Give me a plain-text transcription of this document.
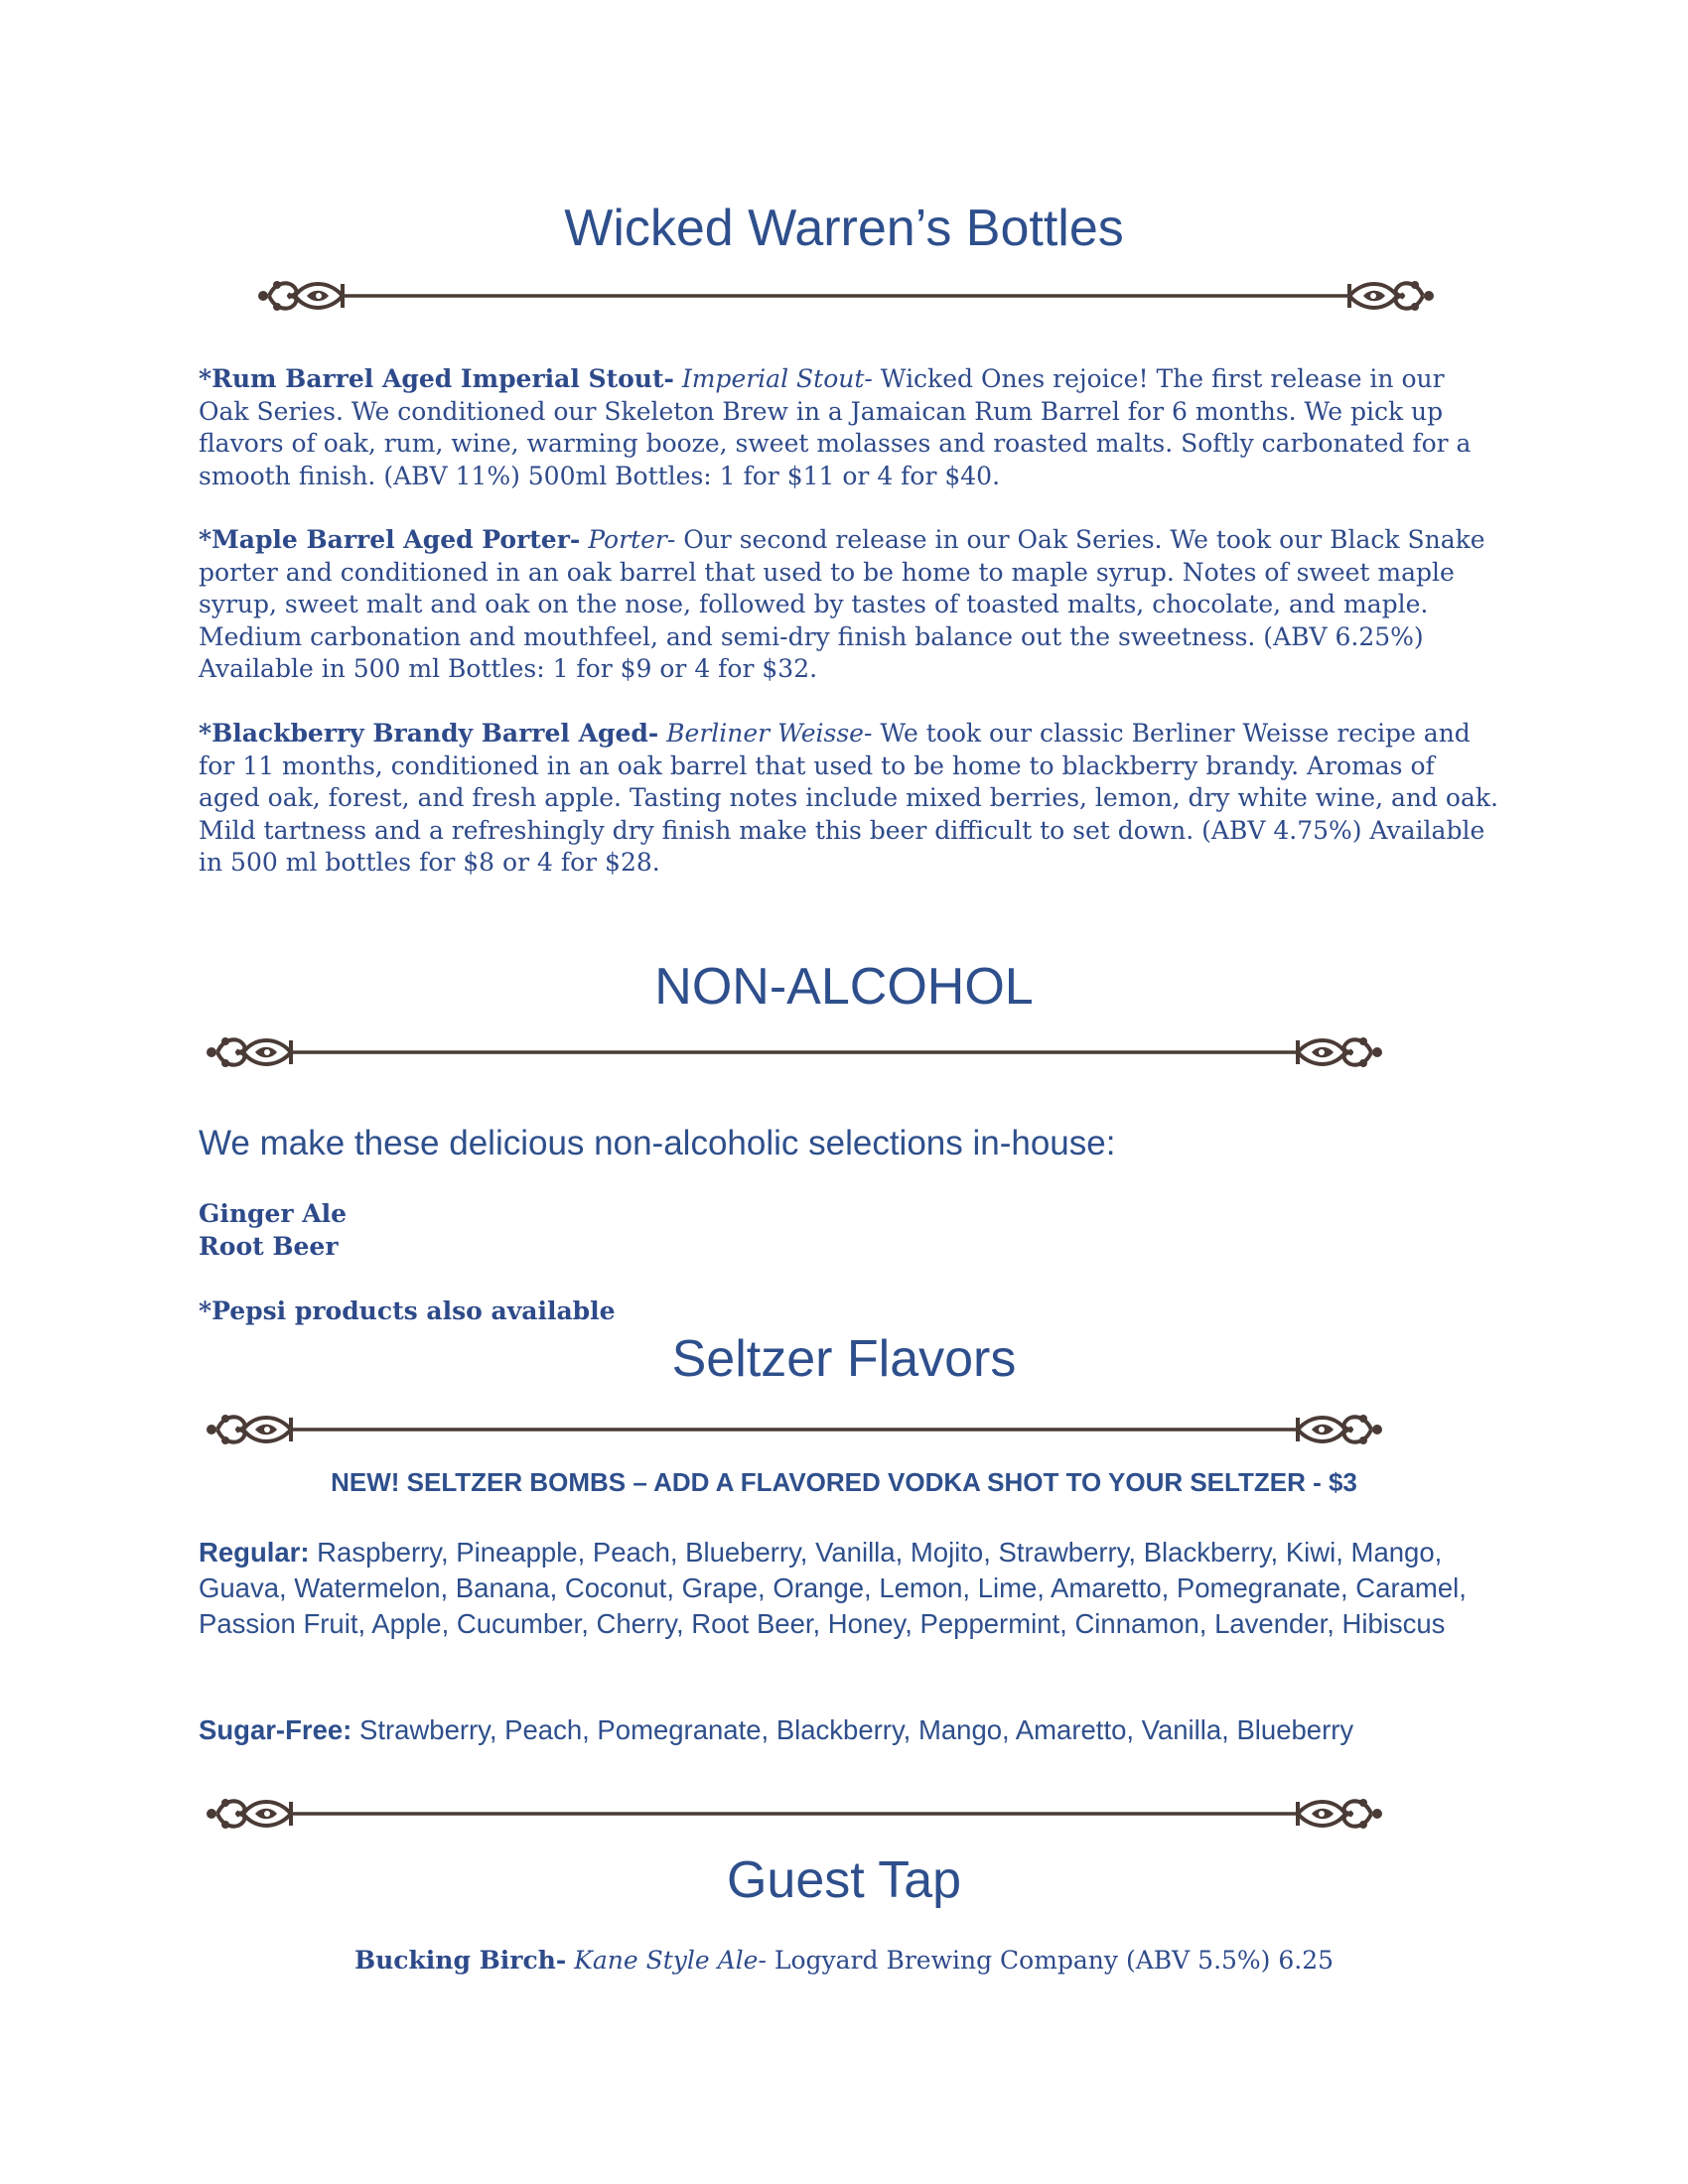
Wicked Warren’s Bottles

*Rum Barrel Aged Imperial Stout- Imperial Stout- Wicked Ones rejoice! The first release in our Oak Series. We conditioned our Skeleton Brew in a Jamaican Rum Barrel for 6 months. We pick up flavors of oak, rum, wine, warming booze, sweet molasses and roasted malts. Softly carbonated for a smooth finish. (ABV 11%) 500ml Bottles: 1 for $11 or 4 for $40.

*Maple Barrel Aged Porter- Porter- Our second release in our Oak Series. We took our Black Snake porter and conditioned in an oak barrel that used to be home to maple syrup. Notes of sweet maple syrup, sweet malt and oak on the nose, followed by tastes of toasted malts, chocolate, and maple. Medium carbonation and mouthfeel, and semi-dry finish balance out the sweetness. (ABV 6.25%) Available in 500 ml Bottles: 1 for $9 or 4 for $32.

*Blackberry Brandy Barrel Aged- Berliner Weisse- We took our classic Berliner Weisse recipe and for 11 months, conditioned in an oak barrel that used to be home to blackberry brandy. Aromas of aged oak, forest, and fresh apple. Tasting notes include mixed berries, lemon, dry white wine, and oak. Mild tartness and a refreshingly dry finish make this beer difficult to set down. (ABV 4.75%) Available in 500 ml bottles for $8 or 4 for $28.

NON-ALCOHOL
We make these delicious non-alcoholic selections in-house:
Ginger Ale
Root Beer
*Pepsi products also available
Seltzer Flavors
NEW! SELTZER BOMBS – ADD A FLAVORED VODKA SHOT TO YOUR SELTZER - $3

Regular: Raspberry, Pineapple, Peach, Blueberry, Vanilla, Mojito, Strawberry, Blackberry, Kiwi, Mango, Guava, Watermelon, Banana, Coconut, Grape, Orange, Lemon, Lime, Amaretto, Pomegranate, Caramel, Passion Fruit, Apple, Cucumber, Cherry, Root Beer, Honey, Peppermint, Cinnamon, Lavender, Hibiscus

Sugar-Free: Strawberry, Peach, Pomegranate, Blackberry, Mango, Amaretto, Vanilla, Blueberry

Guest Tap
Bucking Birch- Kane Style Ale- Logyard Brewing Company (ABV 5.5%) 6.25
